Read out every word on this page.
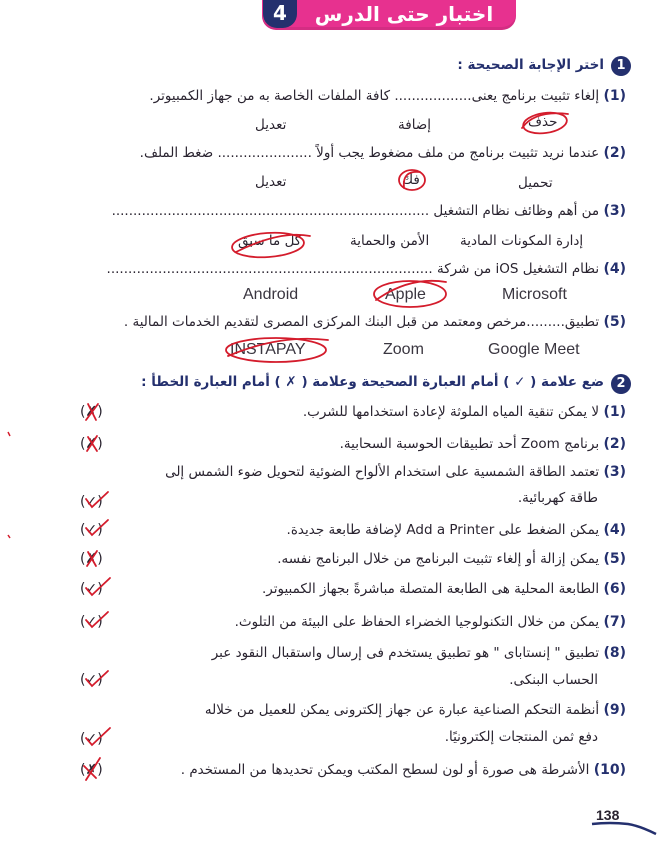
اختبار حتى الدرس
4
1
اختر الإجابة الصحيحة :
(1) إلغاء تثبيت برنامج يعنى.................. كافة الملفات الخاصة به من جهاز الكمبيوتر.
تعديل	إضافة	حذف
(2) عندما نريد تثبيت برنامج من ملف مضغوط يجب أولاً ...................... ضغط الملف.
تعديل	فك	تحميل
(3) من أهم وظائف نظام التشغيل ..........................................................................
كل ما سبق	الأمن والحماية إدارة المكونات المادية
(4) نظام التشغيل iOS من شركة ............................................................................
Android	Apple	Microsoft
(5) تطبيق.........مرخص ومعتمد من قبل البنك المركزى المصرى لتقديم الخدمات المالية .
INSTAPAY	Zoom	Google Meet
2
ضع علامة ( ✓ ) أمام العبارة الصحيحة وعلامة ( ✗ ) أمام العبارة الخطأ :
(1) لا يمكن تنقية المياه الملوثة لإعادة استخدامها للشرب.
(✗)
(2) برنامج Zoom أحد تطبيقات الحوسبة السحابية.
(✗)
(3) تعتمد الطاقة الشمسية على استخدام الألواح الضوئية لتحويل ضوء الشمس إلى
طاقة كهربائية.
(✓)
(4) يمكن الضغط على Add a Printer لإضافة طابعة جديدة.
(✓)
(5) يمكن إزالة أو إلغاء تثبيت البرنامج من خلال البرنامج نفسه.
(✗)
(6) الطابعة المحلية هى الطابعة المتصلة مباشرةً بجهاز الكمبيوتر.
(✓)
(7) يمكن من خلال التكنولوجيا الخضراء الحفاظ على البيئة من التلوث.
(✓)
(8) تطبيق " إنستاباى " هو تطبيق يستخدم فى إرسال واستقبال النقود عبر
الحساب البنكى.
(✓)
(9) أنظمة التحكم الصناعية عبارة عن جهاز إلكترونى يمكن للعميل من خلاله
دفع ثمن المنتجات إلكترونيًا.
(✓)
(10) الأشرطة هى صورة أو لون لسطح المكتب ويمكن تحديدها من المستخدم .
(✗)
138
